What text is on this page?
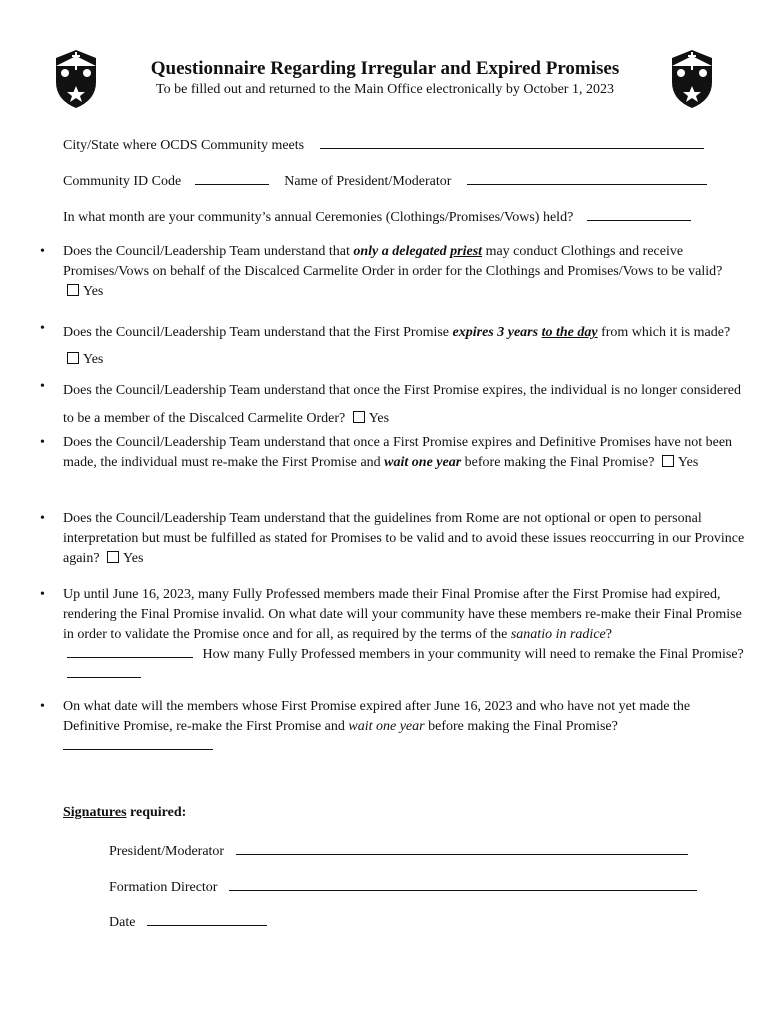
Questionnaire Regarding Irregular and Expired Promises
To be filled out and returned to the Main Office electronically by October 1, 2023
City/State where OCDS Community meets
Community ID Code	Name of President/Moderator
In what month are your community’s annual Ceremonies (Clothings/Promises/Vows) held?
• Does the Council/Leadership Team understand that only a delegated priest may conduct Clothings and receive Promises/Vows on behalf of the Discalced Carmelite Order in order for the Clothings and Promises/Vows to be valid? Yes
• Does the Council/Leadership Team understand that the First Promise expires 3 years to the day from which it is made? Yes
• Does the Council/Leadership Team understand that once the First Promise expires, the individual is no longer considered to be a member of the Discalced Carmelite Order? Yes
• Does the Council/Leadership Team understand that once a First Promise expires and Definitive Promises have not been made, the individual must re-make the First Promise and wait one year before making the Final Promise? Yes
• Does the Council/Leadership Team understand that the guidelines from Rome are not optional or open to personal interpretation but must be fulfilled as stated for Promises to be valid and to avoid these issues reoccurring in our Province again? Yes
• Up until June 16, 2023, many Fully Professed members made their Final Promise after the First Promise had expired, rendering the Final Promise invalid. On what date will your community have these members re-make their Final Promise in order to validate the Promise once and for all, as required by the terms of the sanatio in radice?  How many Fully Professed members in your community will need to remake the Final Promise?
• On what date will the members whose First Promise expired after June 16, 2023 and who have not yet made the Definitive Promise, re-make the First Promise and wait one year before making the Final Promise?

Signatures required:
President/Moderator
Formation Director
Date
